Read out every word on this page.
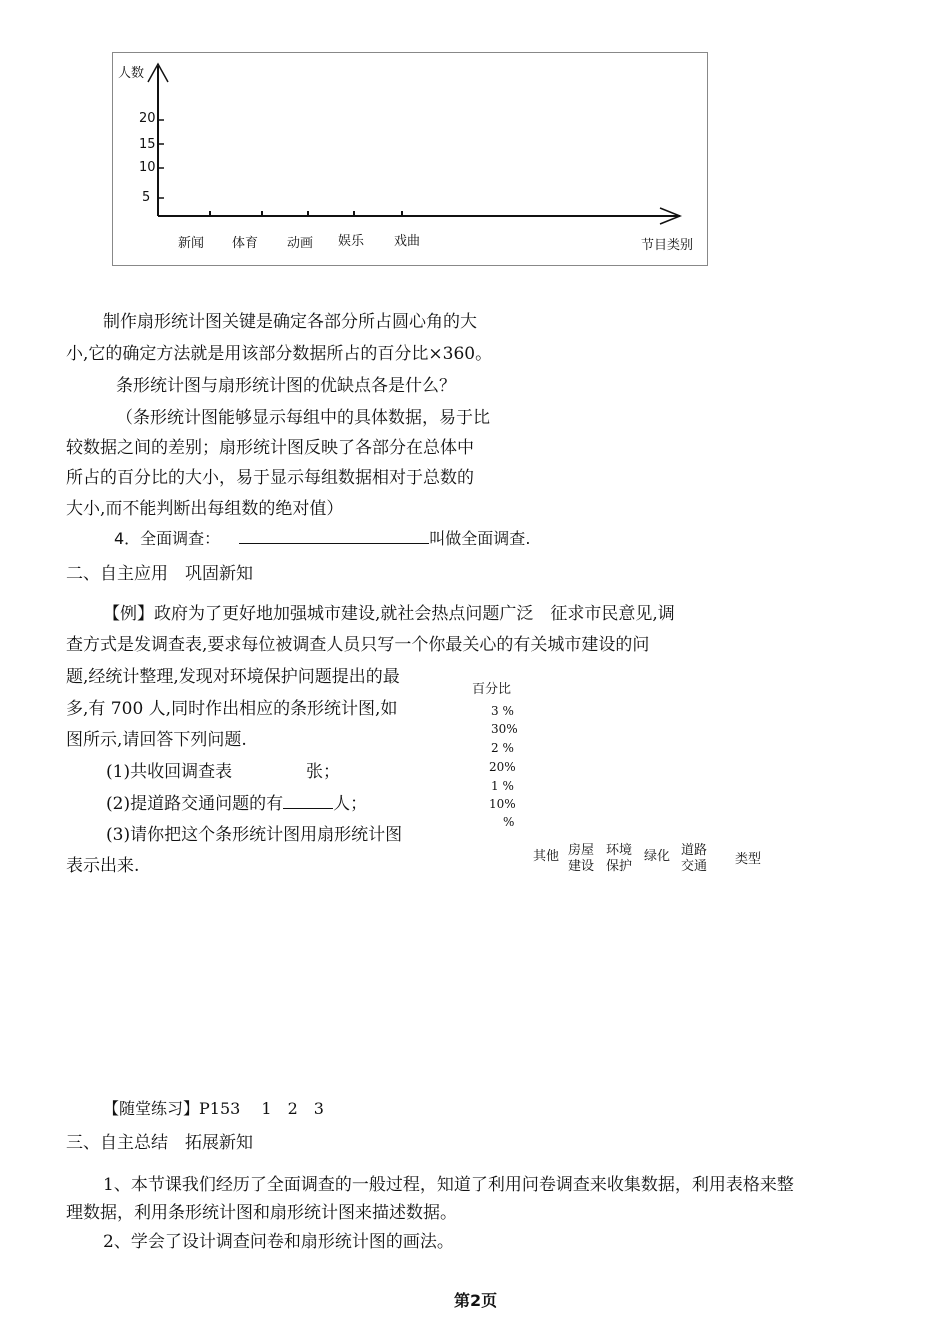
人数
20
15
10
5
新闻 体育 动画 娱乐 戏曲	节目类别
制作扇形统计图关键是确定各部分所占圆心角的大
小,它的确定方法就是用该部分数据所占的百分比×360。
条形统计图与扇形统计图的优缺点各是什么？
（条形统计图能够显示每组中的具体数据，易于比
较数据之间的差别；扇形统计图反映了各部分在总体中
所占的百分比的大小，易于显示每组数据相对于总数的
大小,而不能判断出每组数的绝对值）
4．全面调查：	叫做全面调查.
二、自主应用　巩固新知
【例】政府为了更好地加强城市建设,就社会热点问题广泛　征求市民意见,调
查方式是发调查表,要求每位被调查人员只写一个你最关心的有关城市建设的问
题,经统计整理,发现对环境保护问题提出的最
多,有 700 人,同时作出相应的条形统计图,如
图所示,请回答下列问题.
(1)共收回调查表	张；
(2)提道路交通问题的有	人；
(3)请你把这个条形统计图用扇形统计图
表示出来.
百分比
3 %
30%
2 %
20%
1 %
10%
%
其他 房屋
建设
环境
保护
绿化 道路
交通 类型
【随堂练习】P153　 1　2　3
三、自主总结　拓展新知
1、本节课我们经历了全面调查的一般过程，知道了利用问卷调查来收集数据，利用表格来整
理数据，利用条形统计图和扇形统计图来描述数据。
2、学会了设计调查问卷和扇形统计图的画法。
第2页
